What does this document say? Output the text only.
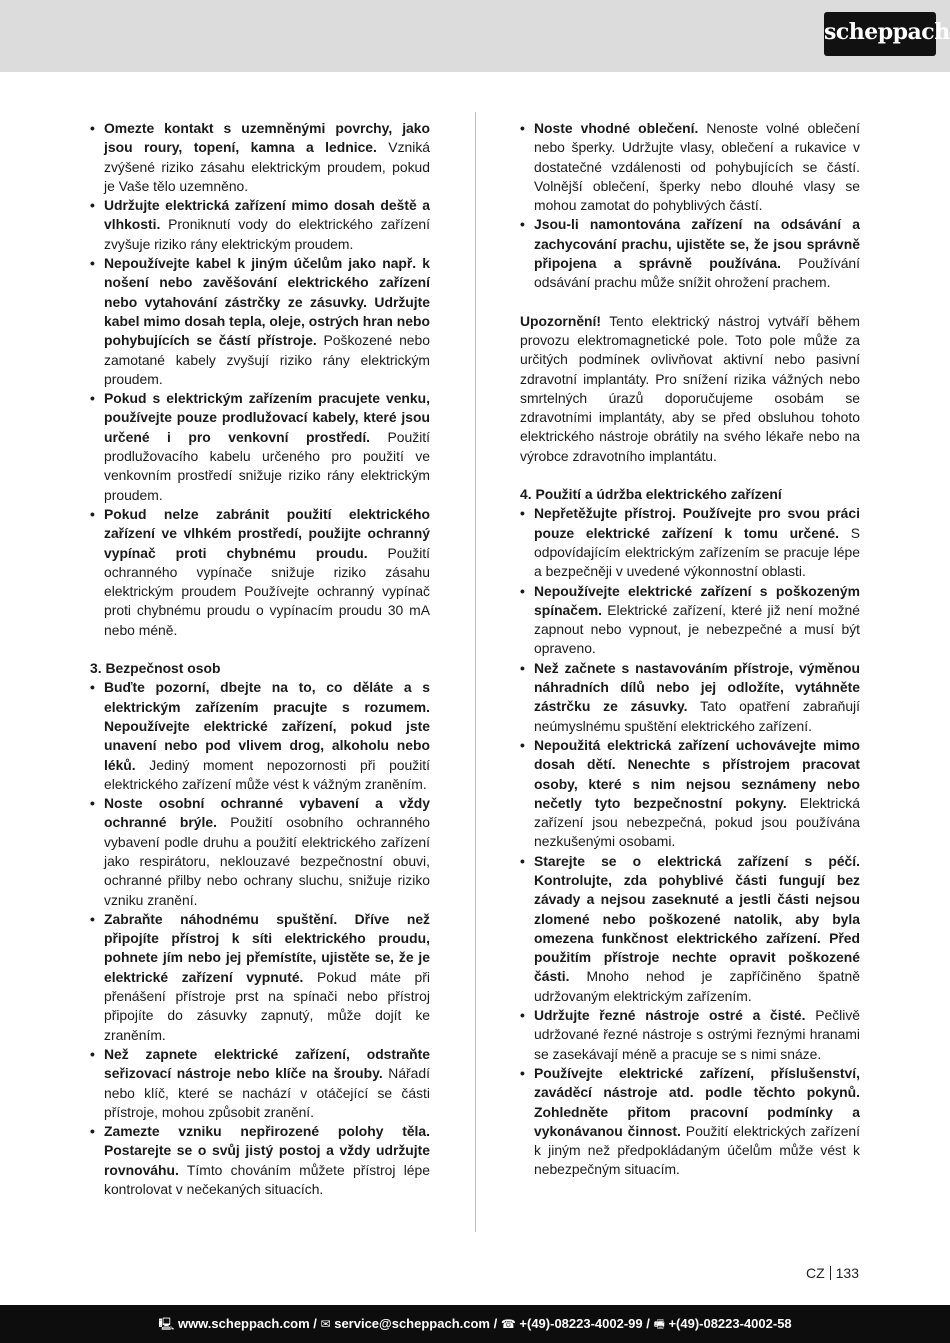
scheppach
• Omezte kontakt s uzemněnými povrchy, jako jsou roury, topení, kamna a lednice. Vzniká zvýšené riziko zásahu elektrickým proudem, pokud je Vaše tělo uzemněno.
• Udržujte elektrická zařízení mimo dosah deště a vlhkosti. Proniknutí vody do elektrického zařízení zvyšuje riziko rány elektrickým proudem.
• Nepoužívejte kabel k jiným účelům jako např. k nošení nebo zavěšování elektrického zařízení nebo vytahování zástrčky ze zásuvky. Udržujte kabel mimo dosah tepla, oleje, ostrých hran nebo pohybujících se částí přístroje. Poškozené nebo zamotané kabely zvyšují riziko rány elektrickým proudem.
• Pokud s elektrickým zařízením pracujete venku, používejte pouze prodlužovací kabely, které jsou určené i pro venkovní prostředí. Použití prodlužovacího kabelu určeného pro použití ve venkovním prostředí snižuje riziko rány elektrickým proudem.
• Pokud nelze zabránit použití elektrického zařízení ve vlhkém prostředí, použijte ochranný vypínač proti chybnému proudu. Použití ochranného vypínače snižuje riziko zásahu elektrickým proudem Používejte ochranný vypínač proti chybnému proudu o vypínacím proudu 30 mA nebo méně.
3. Bezpečnost osob
• Buďte pozorní, dbejte na to, co děláte a s elektrickým zařízením pracujte s rozumem. Nepoužívejte elektrické zařízení, pokud jste unavení nebo pod vlivem drog, alkoholu nebo léků. Jediný moment nepozornosti při použití elektrického zařízení může vést k vážným zraněním.
• Noste osobní ochranné vybavení a vždy ochranné brýle. Použití osobního ochranného vybavení podle druhu a použití elektrického zařízení jako respirátoru, neklouzavé bezpečnostní obuvi, ochranné přilby nebo ochrany sluchu, snižuje riziko vzniku zranění.
• Zabraňte náhodnému spuštění. Dříve než připojíte přístroj k síti elektrického proudu, pohnete jím nebo jej přemístíte, ujistěte se, že je elektrické zařízení vypnuté. Pokud máte při přenášení přístroje prst na spínači nebo přístroj připojíte do zásuvky zapnutý, může dojít ke zraněním.
• Než zapnete elektrické zařízení, odstraňte seřizovací nástroje nebo klíče na šrouby. Nářadí nebo klíč, které se nachází v otáčející se části přístroje, mohou způsobit zranění.
• Zamezte vzniku nepřirozené polohy těla. Postarejte se o svůj jistý postoj a vždy udržujte rovnováhu. Tímto chováním můžete přístroj lépe kontrolovat v nečekaných situacích.
• Noste vhodné oblečení. Nenoste volné oblečení nebo šperky. Udržujte vlasy, oblečení a rukavice v dostatečné vzdálenosti od pohybujících se částí. Volnější oblečení, šperky nebo dlouhé vlasy se mohou zamotat do pohyblivých částí.
• Jsou-li namontována zařízení na odsávání a zachycování prachu, ujistěte se, že jsou správně připojena a správně používána. Používání odsávání prachu může snížit ohrožení prachem.
Upozornění! Tento elektrický nástroj vytváří během provozu elektromagnetické pole. Toto pole může za určitých podmínek ovlivňovat aktivní nebo pasivní zdravotní implantáty. Pro snížení rizika vážných nebo smrtelných úrazů doporučujeme osobám se zdravotními implantáty, aby se před obsluhou tohoto elektrického nástroje obrátily na svého lékaře nebo na výrobce zdravotního implantátu.
4. Použití a údržba elektrického zařízení
• Nepřetěžujte přístroj. Používejte pro svou práci pouze elektrické zařízení k tomu určené. S odpovídajícím elektrickým zařízením se pracuje lépe a bezpečněji v uvedené výkonnostní oblasti.
• Nepoužívejte elektrické zařízení s poškozeným spínačem. Elektrické zařízení, které již není možné zapnout nebo vypnout, je nebezpečné a musí být opraveno.
• Než začnete s nastavováním přístroje, výměnou náhradních dílů nebo jej odložíte, vytáhněte zástrčku ze zásuvky. Tato opatření zabraňují neúmyslnému spuštění elektrického zařízení.
• Nepoužitá elektrická zařízení uchovávejte mimo dosah dětí. Nenechte s přístrojem pracovat osoby, které s nim nejsou seznámeny nebo nečetly tyto bezpečnostní pokyny. Elektrická zařízení jsou nebezpečná, pokud jsou používána nezkušenými osobami.
• Starejte se o elektrická zařízení s péčí. Kontrolujte, zda pohyblivé části fungují bez závady a nejsou zaseknuté a jestli části nejsou zlomené nebo poškozené natolik, aby byla omezena funkčnost elektrického zařízení. Před použitím přístroje nechte opravit poškozené části. Mnoho nehod je zapříčiněno špatně udržovaným elektrickým zařízením.
• Udržujte řezné nástroje ostré a čisté. Pečlivě udržované řezné nástroje s ostrými řeznými hranami se zasekávají méně a pracuje se s nimi snáze.
• Používejte elektrické zařízení, příslušenství, zaváděcí nástroje atd. podle těchto pokynů. Zohledněte přitom pracovní podmínky a vykonávanou činnost. Použití elektrických zařízení k jiným než předpokládaným účelům může vést k nebezpečným situacím.
CZ 133
🖳 www.scheppach.com / ✉ service@scheppach.com / ☎ +(49)-08223-4002-99 / 🖷 +(49)-08223-4002-58
